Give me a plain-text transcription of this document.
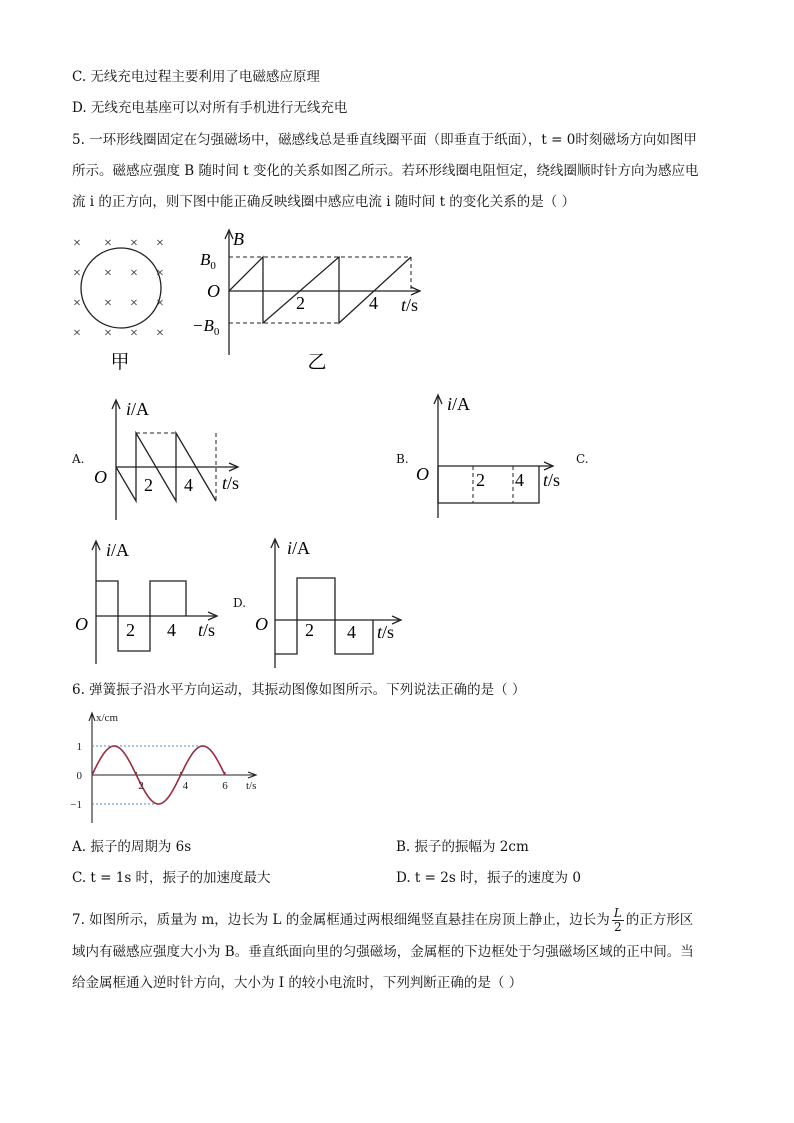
C. 无线充电过程主要利用了电磁感应原理
D. 无线充电基座可以对所有手机进行无线充电
5. 一环形线圈固定在匀强磁场中，磁感线总是垂直线圈平面（即垂直于纸面），t = 0时刻磁场方向如图甲
所示。磁感应强度 B 随时间 t 变化的关系如图乙所示。若环形线圈电阻恒定，绕线圈顺时针方向为感应电
流 i 的正方向，则下图中能正确反映线圈中感应电流 i 随时间 t 的变化关系的是（ ）
× × × ×
× × × ×
× × × ×
× × × ×
甲
B
$B_0$
O
$-B_0$
2	4 t/s
乙
A.
i/A
O 2 4 t/s
B.
i/A
O	2 4 t/s
C.
i/A
O 2 4 t/s
D.
i/A
O 2 4 t/s
6. 弹簧振子沿水平方向运动，其振动图像如图所示。下列说法正确的是（ ）
x/cm
t/s
2	4	6
1
0
−1
A. 振子的周期为 6s	B. 振子的振幅为 2cm
C. t = 1s 时，振子的加速度最大	D. t = 2s 时，振子的速度为 0
7. 如图所示，质量为 m，边长为 L 的金属框通过两根细绳竖直悬挂在房顶上静止，边长为 $\frac{L}{2}$ 的正方形区
域内有磁感应强度大小为 B。垂直纸面向里的匀强磁场，金属框的下边框处于匀强磁场区域的正中间。当
给金属框通入逆时针方向，大小为 I 的较小电流时，下列判断正确的是（ ）
